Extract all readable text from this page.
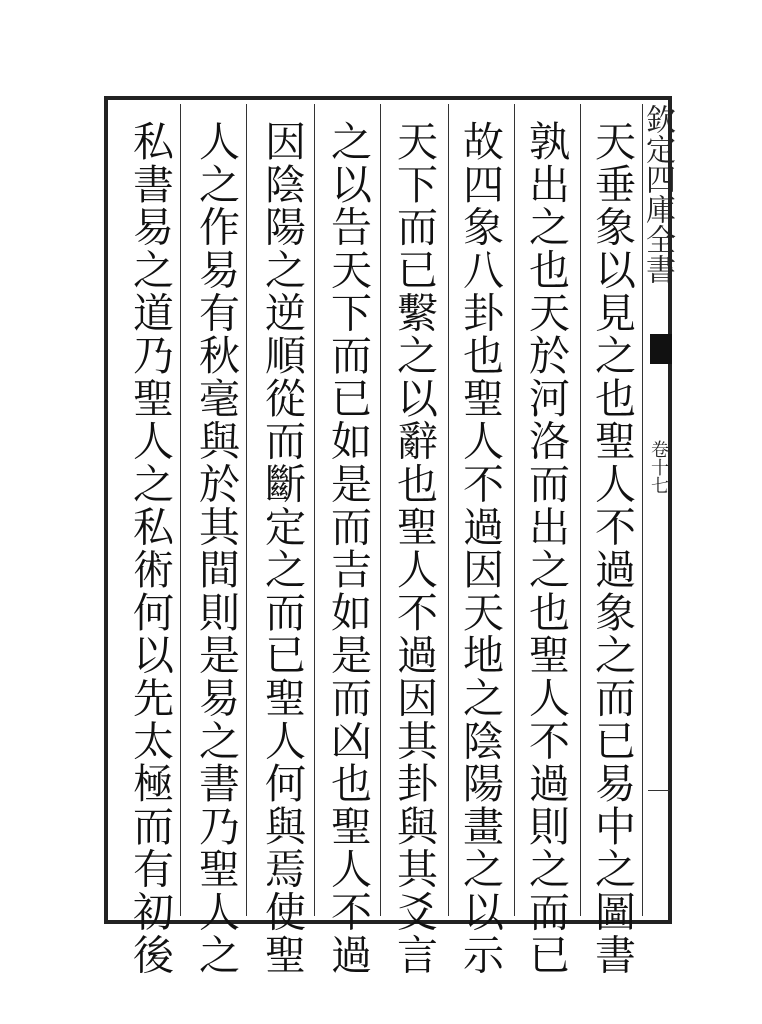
天垂象以見之也聖人不過象之而已易中之圖書
孰出之也天於河洛而出之也聖人不過則之而已
故四象八卦也聖人不過因天地之陰陽畫之以示
天下而已繫之以辭也聖人不過因其卦與其爻言
之以告天下而已如是而吉如是而凶也聖人不過
因陰陽之逆順從而斷定之而已聖人何與焉使聖
人之作易有秋毫與於其間則是易之書乃聖人之
私書易之道乃聖人之私術何以先太極而有初後	欽定四庫全書
卷十七
